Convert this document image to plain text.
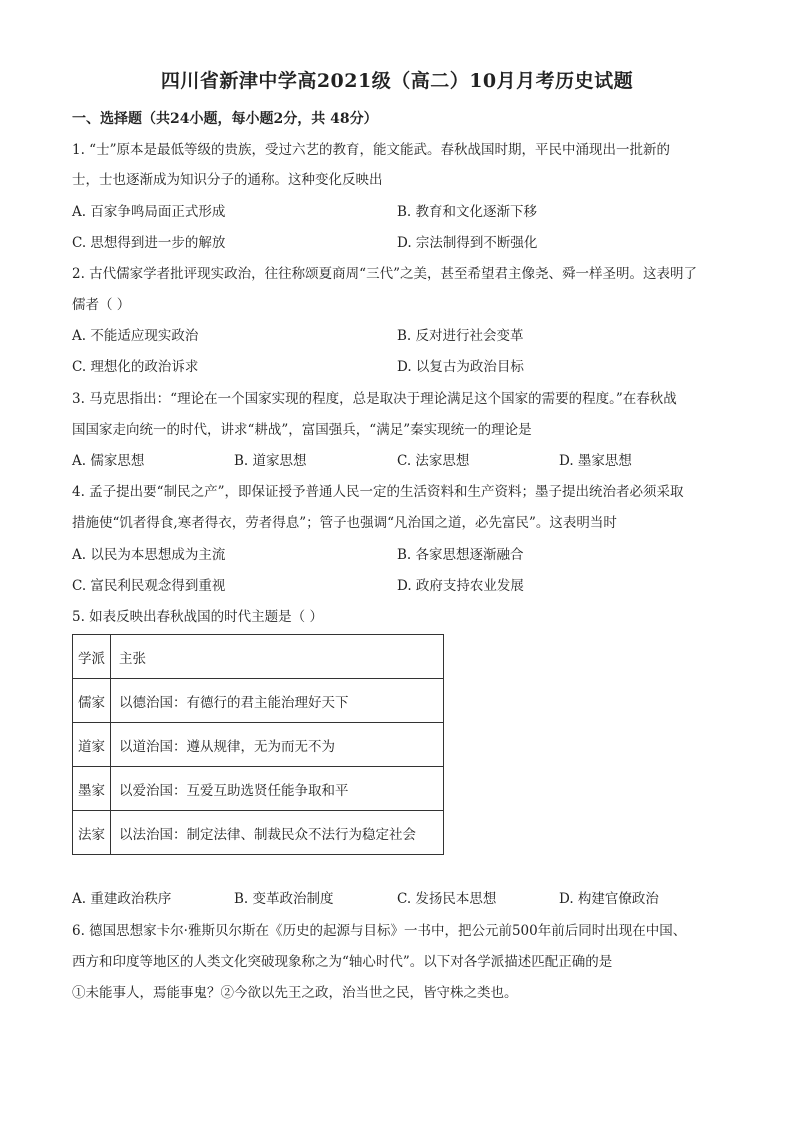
四川省新津中学高2021级（高二）10月月考历史试题
一、选择题（共24小题，每小题2分，共 48分）
1. “士”原本是最低等级的贵族，受过六艺的教育，能文能武。春秋战国时期，平民中涌现出一批新的
士，士也逐渐成为知识分子的通称。这种变化反映出
A. 百家争鸣局面正式形成	B. 教育和文化逐渐下移
C. 思想得到进一步的解放	D. 宗法制得到不断强化
2. 古代儒家学者批评现实政治，往往称颂夏商周“三代”之美，甚至希望君主像尧、舜一样圣明。这表明了
儒者（ ）
A. 不能适应现实政治	B. 反对进行社会变革
C. 理想化的政治诉求	D. 以复古为政治目标
3. 马克思指出：“理论在一个国家实现的程度，总是取决于理论满足这个国家的需要的程度。”在春秋战
国国家走向统一的时代，讲求“耕战”，富国强兵，“满足”秦实现统一的理论是
A. 儒家思想	B. 道家思想	C. 法家思想	D. 墨家思想
4. 孟子提出要“制民之产”，即保证授予普通人民一定的生活资料和生产资料；墨子提出统治者必须采取
措施使“饥者得食,寒者得衣，劳者得息”；管子也强调“凡治国之道，必先富民”。这表明当时
A. 以民为本思想成为主流	B. 各家思想逐渐融合
C. 富民利民观念得到重视	D. 政府支持农业发展
5. 如表反映出春秋战国的时代主题是（ ）
学派	主张
儒家	以德治国：有德行的君主能治理好天下
道家	以道治国：遵从规律，无为而无不为
墨家	以爱治国：互爱互助选贤任能争取和平
法家	以法治国：制定法律、制裁民众不法行为稳定社会
A. 重建政治秩序	B. 变革政治制度	C. 发扬民本思想	D. 构建官僚政治
6. 德国思想家卡尔·雅斯贝尔斯在《历史的起源与目标》一书中，把公元前500年前后同时出现在中国、
西方和印度等地区的人类文化突破现象称之为“轴心时代”。以下对各学派描述匹配正确的是
①未能事人，焉能事鬼？②今欲以先王之政，治当世之民，皆守株之类也。
